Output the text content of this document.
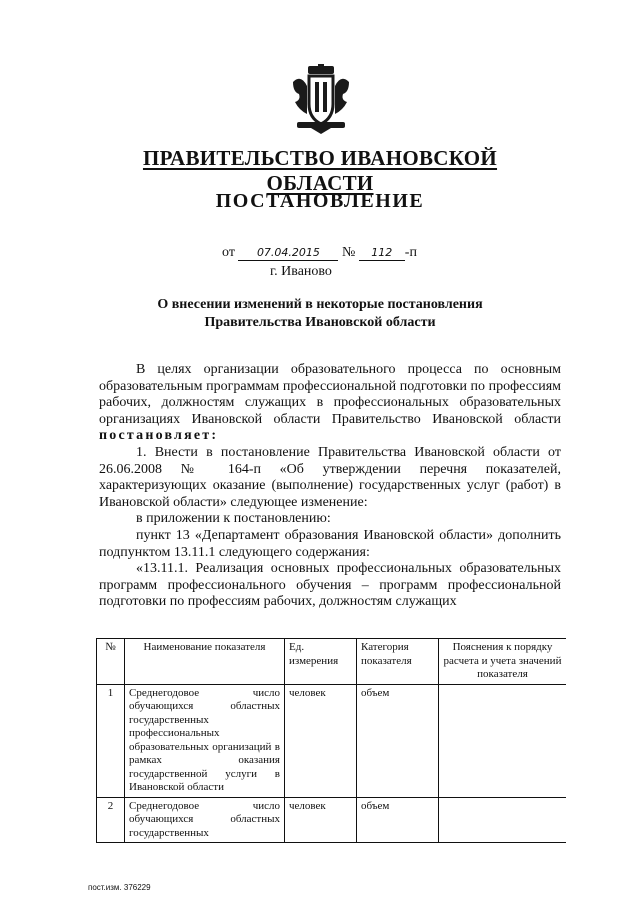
ПРАВИТЕЛЬСТВО ИВАНОВСКОЙ ОБЛАСТИ
ПОСТАНОВЛЕНИЕ
от 07.04.2015 № 112 -п
г. Иваново
О внесении изменений в некоторые постановления
Правительства Ивановской области

В целях организации образовательного процесса по основным образовательным программам профессиональной подготовки по профессиям рабочих, должностям служащих в профессиональных образовательных организациях Ивановской области Правительство Ивановской области постановляет:

1. Внести в постановление Правительства Ивановской области от 26.06.2008 № 164-п «Об утверждении перечня показателей, характеризующих оказание (выполнение) государственных услуг (работ) в Ивановской области» следующее изменение:

в приложении к постановлению:

пункт 13 «Департамент образования Ивановской области» дополнить подпунктом 13.11.1 следующего содержания:

«13.11.1. Реализация основных профессиональных образовательных программ профессионального обучения – программ профессиональной подготовки по профессиям рабочих, должностям служащих

№	Наименование показателя	Ед. измерения	Категория показателя	Пояснения к порядку расчета и учета значений показателя
1	Среднегодовое число обучающихся областных государственных профессиональных образовательных организаций в рамках оказания государственной услуги в Ивановской области	человек	объем	
2	Среднегодовое число обучающихся областных государственных	человек	объем	
пост.изм. 376229
